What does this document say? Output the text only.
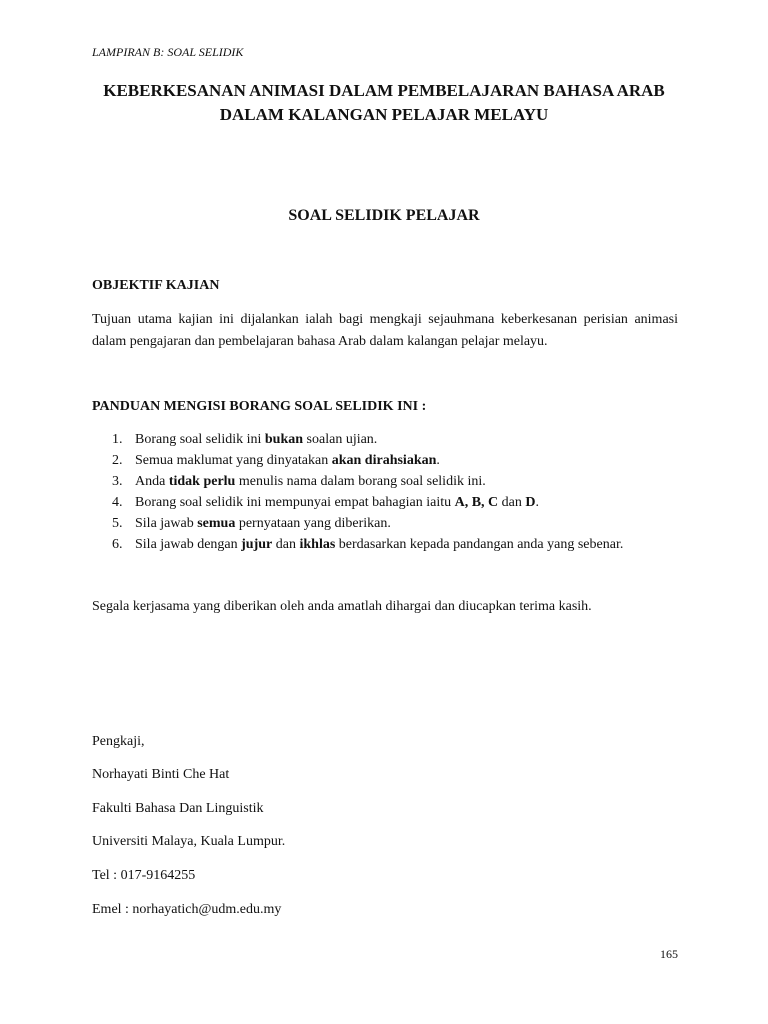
LAMPIRAN B: SOAL SELIDIK
KEBERKESANAN ANIMASI DALAM PEMBELAJARAN BAHASA ARAB
DALAM KALANGAN PELAJAR MELAYU
SOAL SELIDIK PELAJAR
OBJEKTIF KAJIAN
Tujuan utama kajian ini dijalankan ialah bagi mengkaji sejauhmana keberkesanan perisian animasi dalam pengajaran dan pembelajaran bahasa Arab dalam kalangan pelajar melayu.
PANDUAN MENGISI BORANG SOAL SELIDIK INI :
1. Borang soal selidik ini bukan soalan ujian.
2. Semua maklumat yang dinyatakan akan dirahsiakan.
3. Anda tidak perlu menulis nama dalam borang soal selidik ini.
4. Borang soal selidik ini mempunyai empat bahagian iaitu A, B, C dan D.
5. Sila jawab semua pernyataan yang diberikan.
6. Sila jawab dengan jujur dan ikhlas berdasarkan kepada pandangan anda yang sebenar.
Segala kerjasama yang diberikan oleh anda amatlah dihargai dan diucapkan terima kasih.
Pengkaji,
Norhayati Binti Che Hat
Fakulti Bahasa Dan Linguistik
Universiti Malaya, Kuala Lumpur.
Tel : 017-9164255
Emel : norhayatich@udm.edu.my
165
